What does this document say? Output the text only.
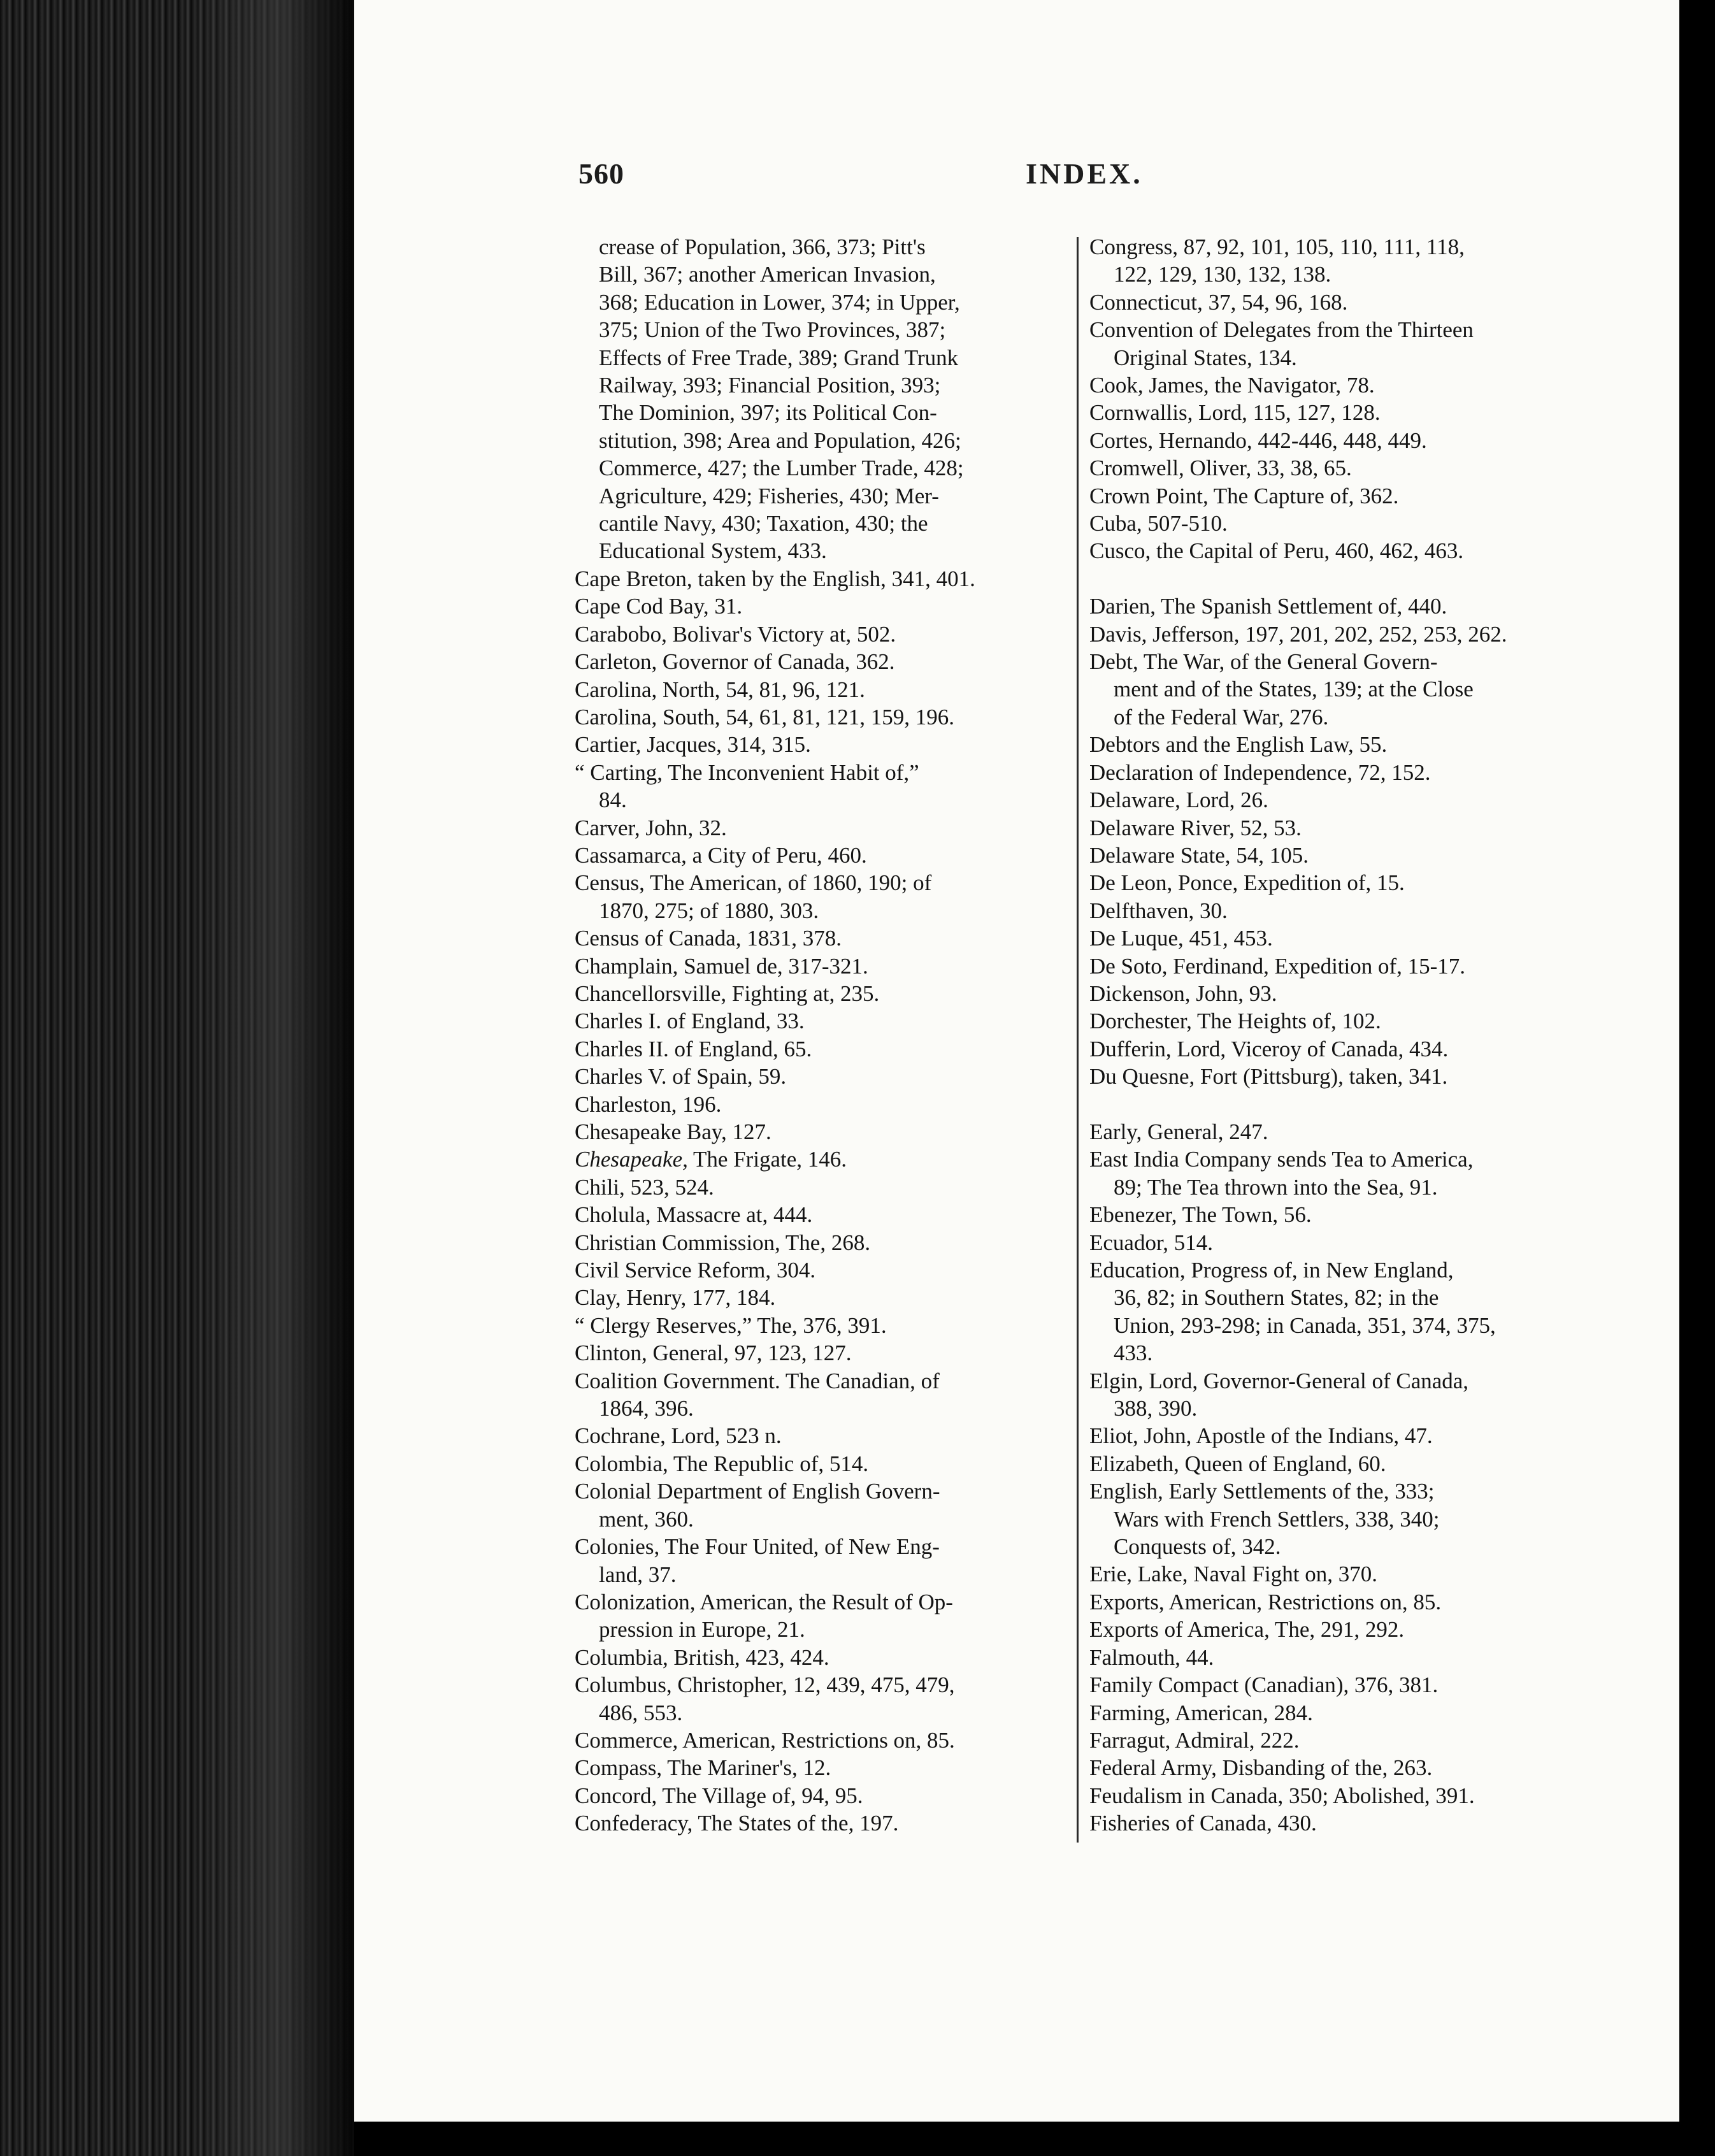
560	INDEX.
crease of Population, 366, 373; Pitt's
Bill, 367; another American Invasion,
368; Education in Lower, 374; in Upper,
375; Union of the Two Provinces, 387;
Effects of Free Trade, 389; Grand Trunk
Railway, 393; Financial Position, 393;
The Dominion, 397; its Political Con-
stitution, 398; Area and Population, 426;
Commerce, 427; the Lumber Trade, 428;
Agriculture, 429; Fisheries, 430; Mer-
cantile Navy, 430; Taxation, 430; the
Educational System, 433.
Cape Breton, taken by the English, 341, 401.
Cape Cod Bay, 31.
Carabobo, Bolivar's Victory at, 502.
Carleton, Governor of Canada, 362.
Carolina, North, 54, 81, 96, 121.
Carolina, South, 54, 61, 81, 121, 159, 196.
Cartier, Jacques, 314, 315.
“ Carting, The Inconvenient Habit of,”
84.
Carver, John, 32.
Cassamarca, a City of Peru, 460.
Census, The American, of 1860, 190; of
1870, 275; of 1880, 303.
Census of Canada, 1831, 378.
Champlain, Samuel de, 317-321.
Chancellorsville, Fighting at, 235.
Charles I. of England, 33.
Charles II. of England, 65.
Charles V. of Spain, 59.
Charleston, 196.
Chesapeake Bay, 127.
Chesapeake, The Frigate, 146.
Chili, 523, 524.
Cholula, Massacre at, 444.
Christian Commission, The, 268.
Civil Service Reform, 304.
Clay, Henry, 177, 184.
“ Clergy Reserves,” The, 376, 391.
Clinton, General, 97, 123, 127.
Coalition Government. The Canadian, of
1864, 396.
Cochrane, Lord, 523 n.
Colombia, The Republic of, 514.
Colonial Department of English Govern-
ment, 360.
Colonies, The Four United, of New Eng-
land, 37.
Colonization, American, the Result of Op-
pression in Europe, 21.
Columbia, British, 423, 424.
Columbus, Christopher, 12, 439, 475, 479,
486, 553.
Commerce, American, Restrictions on, 85.
Compass, The Mariner's, 12.
Concord, The Village of, 94, 95.
Confederacy, The States of the, 197.
Congress, 87, 92, 101, 105, 110, 111, 118,
122, 129, 130, 132, 138.
Connecticut, 37, 54, 96, 168.
Convention of Delegates from the Thirteen
Original States, 134.
Cook, James, the Navigator, 78.
Cornwallis, Lord, 115, 127, 128.
Cortes, Hernando, 442-446, 448, 449.
Cromwell, Oliver, 33, 38, 65.
Crown Point, The Capture of, 362.
Cuba, 507-510.
Cusco, the Capital of Peru, 460, 462, 463.
Darien, The Spanish Settlement of, 440.
Davis, Jefferson, 197, 201, 202, 252, 253, 262.
Debt, The War, of the General Govern-
ment and of the States, 139; at the Close
of the Federal War, 276.
Debtors and the English Law, 55.
Declaration of Independence, 72, 152.
Delaware, Lord, 26.
Delaware River, 52, 53.
Delaware State, 54, 105.
De Leon, Ponce, Expedition of, 15.
Delfthaven, 30.
De Luque, 451, 453.
De Soto, Ferdinand, Expedition of, 15-17.
Dickenson, John, 93.
Dorchester, The Heights of, 102.
Dufferin, Lord, Viceroy of Canada, 434.
Du Quesne, Fort (Pittsburg), taken, 341.
Early, General, 247.
East India Company sends Tea to America,
89; The Tea thrown into the Sea, 91.
Ebenezer, The Town, 56.
Ecuador, 514.
Education, Progress of, in New England,
36, 82; in Southern States, 82; in the
Union, 293-298; in Canada, 351, 374, 375,
433.
Elgin, Lord, Governor-General of Canada,
388, 390.
Eliot, John, Apostle of the Indians, 47.
Elizabeth, Queen of England, 60.
English, Early Settlements of the, 333;
Wars with French Settlers, 338, 340;
Conquests of, 342.
Erie, Lake, Naval Fight on, 370.
Exports, American, Restrictions on, 85.
Exports of America, The, 291, 292.
Falmouth, 44.
Family Compact (Canadian), 376, 381.
Farming, American, 284.
Farragut, Admiral, 222.
Federal Army, Disbanding of the, 263.
Feudalism in Canada, 350; Abolished, 391.
Fisheries of Canada, 430.
